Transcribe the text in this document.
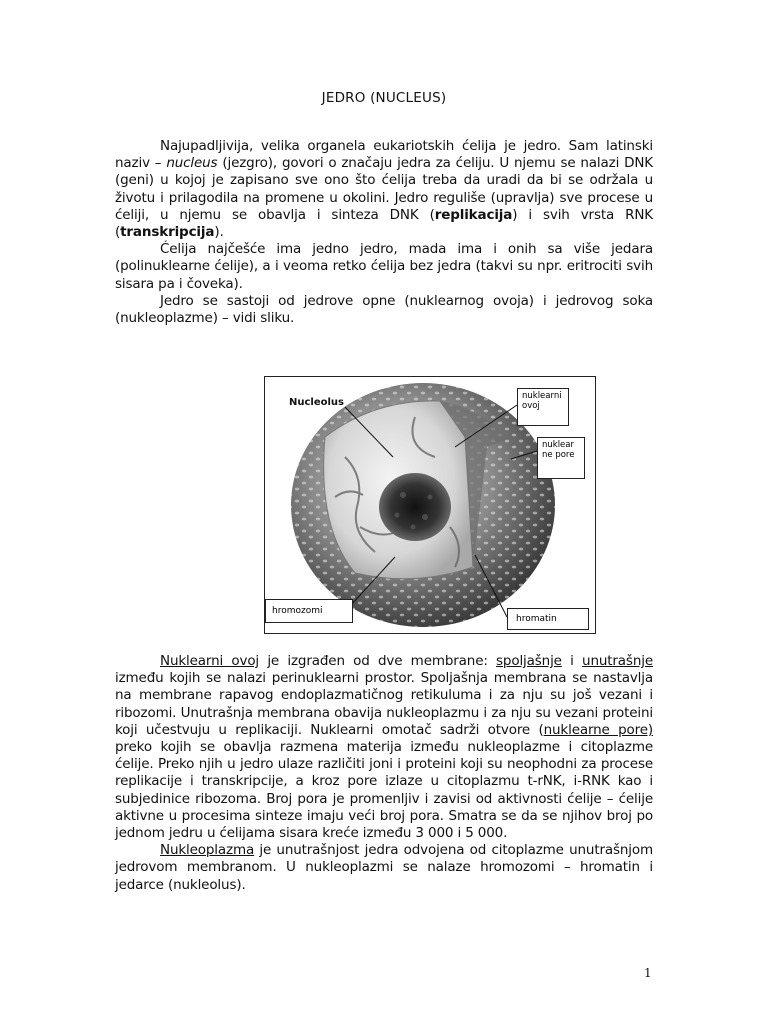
JEDRO (NUCLEUS)

Najupadljivija, velika organela eukariotskih ćelija je jedro. Sam latinski naziv – nucleus (jezgro), govori o značaju jedra za ćeliju. U njemu se nalazi DNK (geni) u kojoj je zapisano sve ono što ćelija treba da uradi da bi se održala u životu i prilagodila na promene u okolini. Jedro reguliše (upravlja) sve procese u ćeliji, u njemu se obavlja i sinteza DNK (replikacija) i svih vrsta RNK (transkripcija).

Ćelija najčešće ima jedno jedro, mada ima i onih sa više jedara (polinuklearne ćelije), a i veoma retko ćelija bez jedra (takvi su npr. eritrociti svih sisara pa i čoveka).

Jedro se sastoji od jedrove opne (nuklearnog ovoja) i jedrovog soka (nukleoplazme) – vidi sliku.

Nucleolus
nuklearni ovoj
nuklear ne pore
hromozomi
hromatin

Nuklearni ovoj je izgrađen od dve membrane: spoljašnje i unutrašnje između kojih se nalazi perinuklearni prostor. Spoljašnja membrana se nastavlja na membrane rapavog endoplazmatičnog retikuluma i za nju su još vezani i ribozomi. Unutrašnja membrana obavija nukleoplazmu i za nju su vezani proteini koji učestvuju u replikaciji. Nuklearni omotač sadrži otvore (nuklearne pore) preko kojih se obavlja razmena materija između nukleoplazme i citoplazme ćelije. Preko njih u jedro ulaze različiti joni i proteini koji su neophodni za procese replikacije i transkripcije, a kroz pore izlaze u citoplazmu t-rNK, i-RNK kao i subjedinice ribozoma. Broj pora je promenljiv i zavisi od aktivnosti ćelije – ćelije aktivne u procesima sinteze imaju veći broj pora. Smatra se da se njihov broj po jednom jedru u ćelijama sisara kreće između 3 000 i 5 000.

Nukleoplazma je unutrašnjost jedra odvojena od citoplazme unutrašnjom jedrovom membranom. U nukleoplazmi se nalaze hromozomi – hromatin i jedarce (nukleolus).

1
